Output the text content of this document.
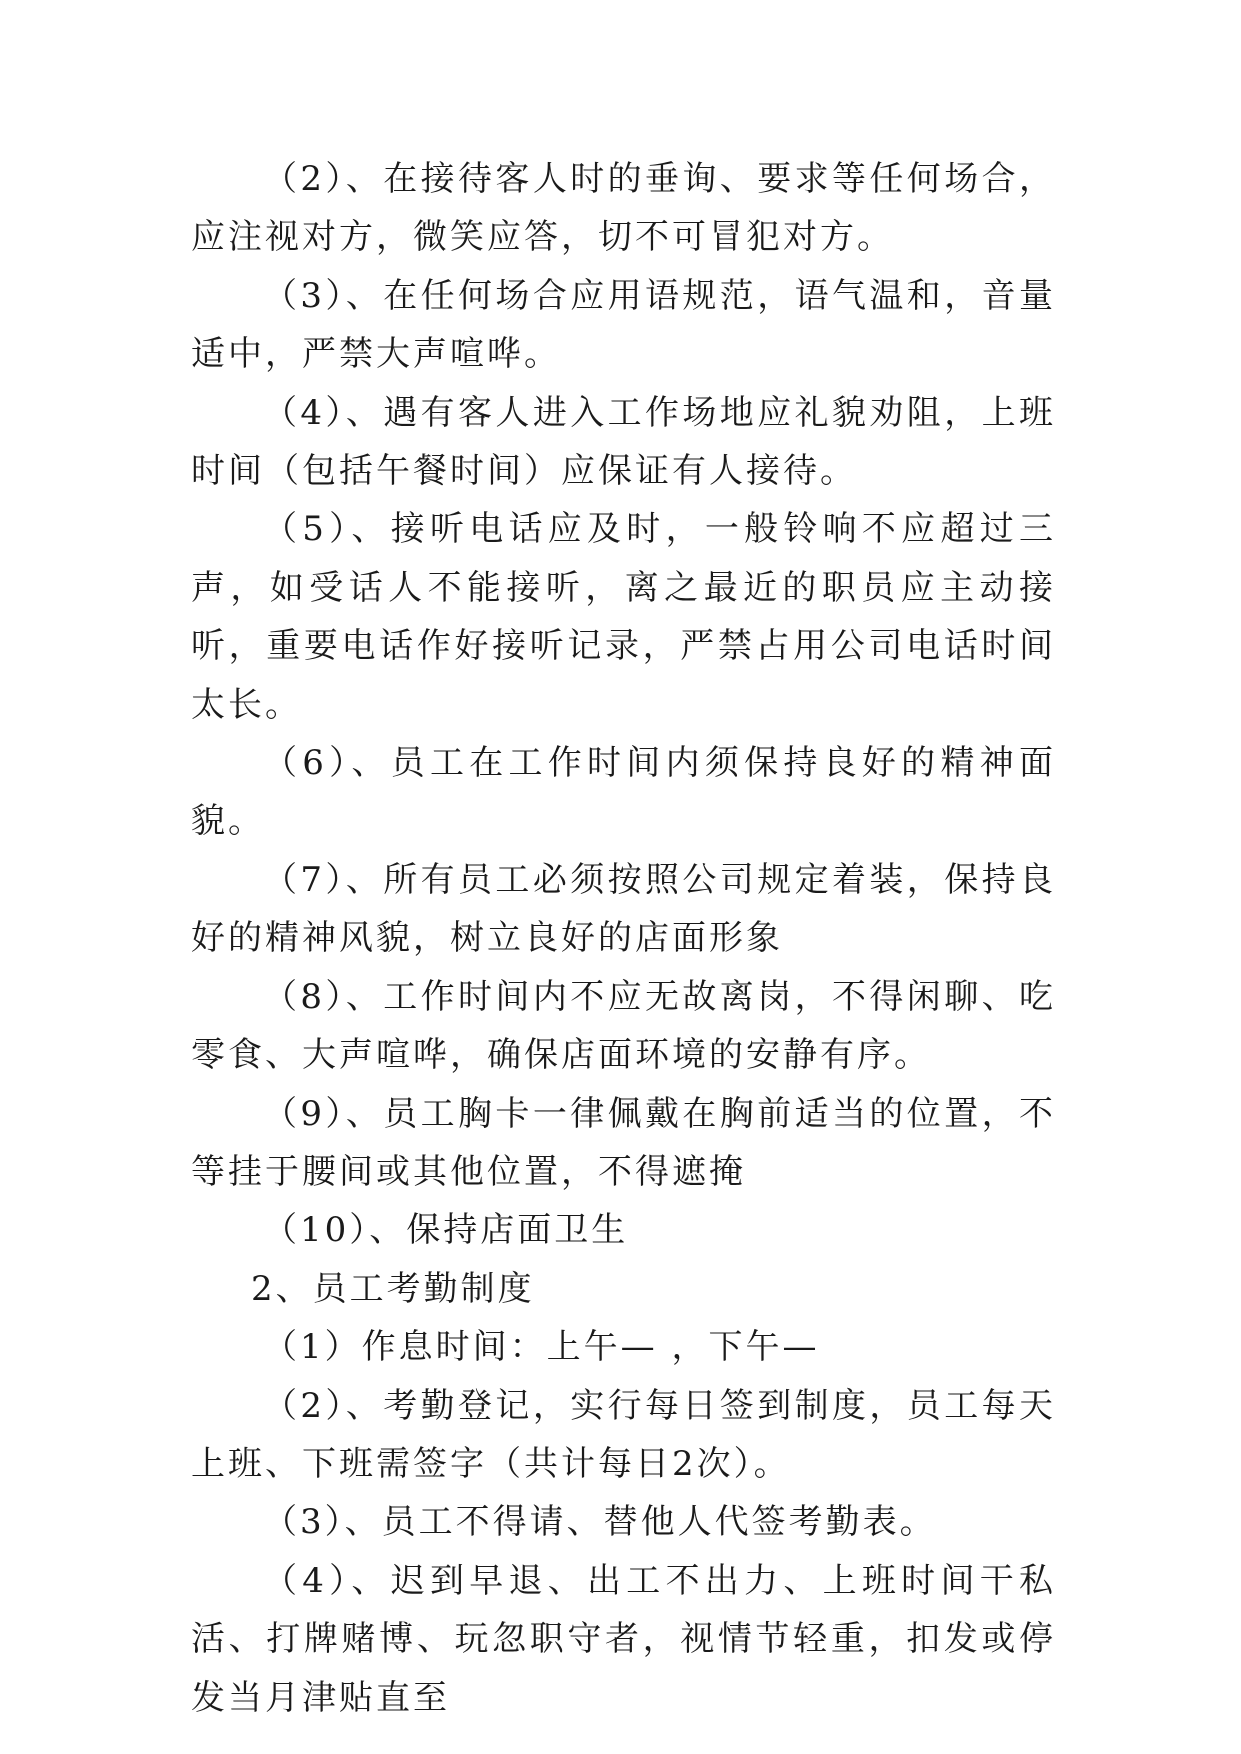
（2）、在接待客人时的垂询、要求等任何场合，应注视对方，微笑应答，切不可冒犯对方。

（3）、在任何场合应用语规范，语气温和，音量适中，严禁大声喧哗。

（4）、遇有客人进入工作场地应礼貌劝阻，上班时间（包括午餐时间）应保证有人接待。

（5）、接听电话应及时，一般铃响不应超过三声，如受话人不能接听，离之最近的职员应主动接听，重要电话作好接听记录，严禁占用公司电话时间太长。

（6）、员工在工作时间内须保持良好的精神面貌。

（7）、所有员工必须按照公司规定着装，保持良好的精神风貌，树立良好的店面形象

（8）、工作时间内不应无故离岗，不得闲聊、吃零食、大声喧哗，确保店面环境的安静有序。

（9）、员工胸卡一律佩戴在胸前适当的位置，不等挂于腰间或其他位置，不得遮掩

（10）、保持店面卫生

2、员工考勤制度

（1）作息时间：上午— ，下午—

（2）、考勤登记，实行每日签到制度，员工每天上班、下班需签字（共计每日2次）。

（3）、员工不得请、替他人代签考勤表。

（4）、迟到早退、出工不出力、上班时间干私活、打牌赌博、玩忽职守者，视情节轻重，扣发或停发当月津贴直至
